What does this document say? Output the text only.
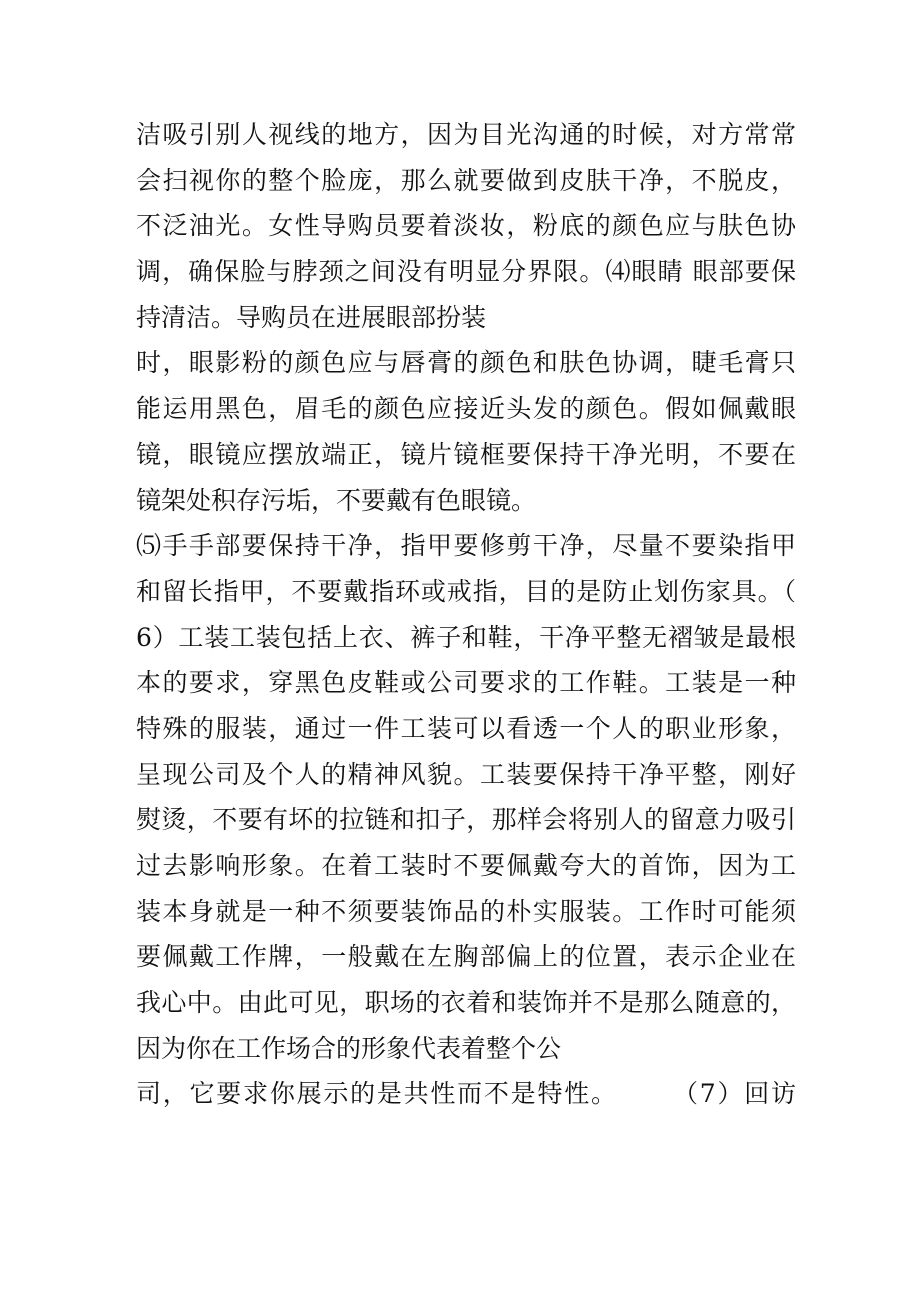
洁吸引别人视线的地方，因为目光沟通的时候，对方常常
会扫视你的整个脸庞，那么就要做到皮肤干净，不脱皮，
不泛油光。女性导购员要着淡妆，粉底的颜色应与肤色协
调，确保脸与脖颈之间没有明显分界限。⑷眼睛 眼部要保
持清洁。导购员在进展眼部扮装
时，眼影粉的颜色应与唇膏的颜色和肤色协调，睫毛膏只
能运用黑色，眉毛的颜色应接近头发的颜色。假如佩戴眼
镜，眼镜应摆放端正，镜片镜框要保持干净光明，不要在
镜架处积存污垢，不要戴有色眼镜。
⑸手手部要保持干净，指甲要修剪干净，尽量不要染指甲
和留长指甲，不要戴指环或戒指，目的是防止划伤家具。（
6）工装工装包括上衣、裤子和鞋，干净平整无褶皱是最根
本的要求，穿黑色皮鞋或公司要求的工作鞋。工装是一种
特殊的服装，通过一件工装可以看透一个人的职业形象，
呈现公司及个人的精神风貌。工装要保持干净平整，刚好
熨烫，不要有坏的拉链和扣子，那样会将别人的留意力吸引
过去影响形象。在着工装时不要佩戴夸大的首饰，因为工
装本身就是一种不须要装饰品的朴实服装。工作时可能须
要佩戴工作牌，一般戴在左胸部偏上的位置，表示企业在
我心中。由此可见，职场的衣着和装饰并不是那么随意的，
因为你在工作场合的形象代表着整个公
司，它要求你展示的是共性而不是特性。　　　（7）回访
